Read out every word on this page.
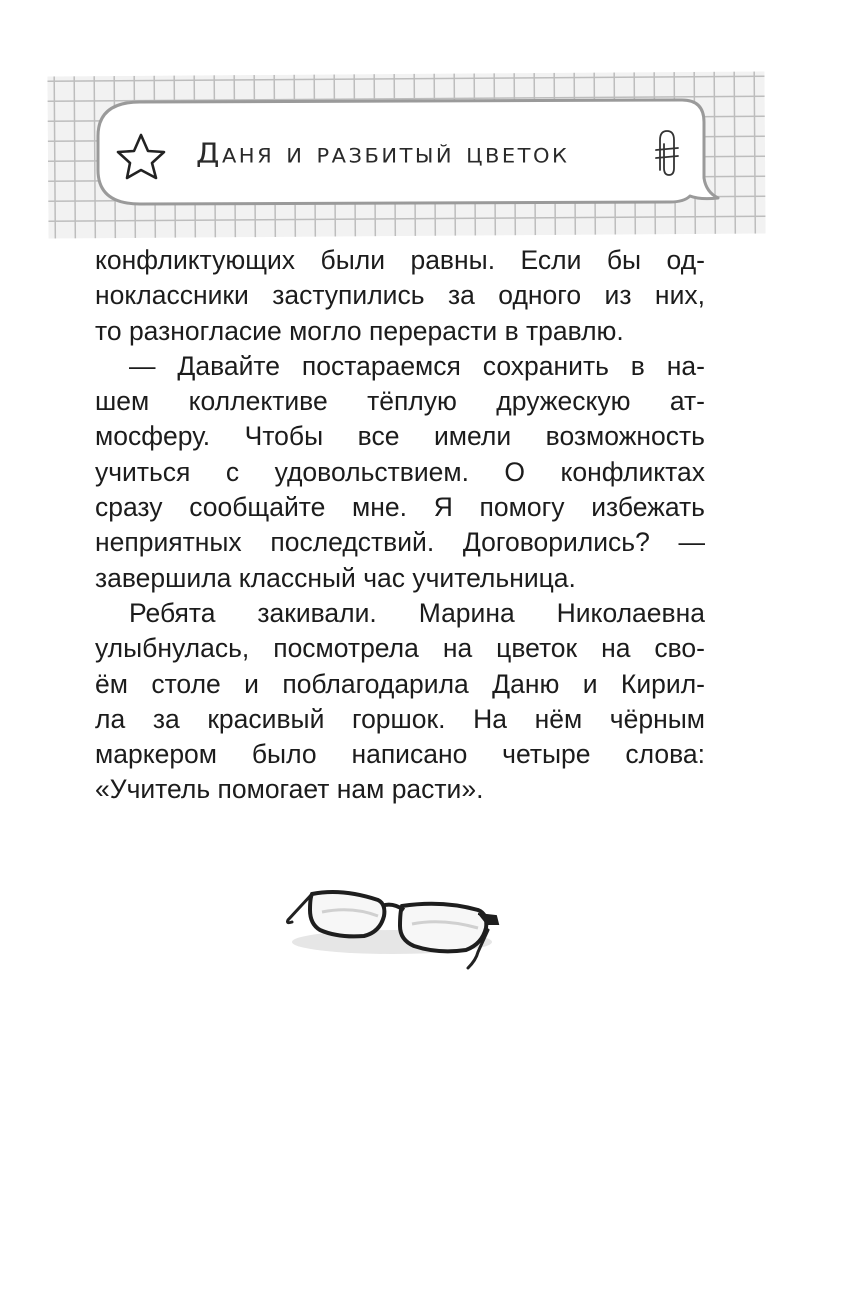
Даня и разбитый цветок

конфликтующих были равны. Если бы од-

ноклассники заступились за одного из них,

то разногласие могло перерасти в травлю.

— Давайте постараемся сохранить в на-

шем коллективе тёплую дружескую ат-

мосферу. Чтобы все имели возможность

учиться с удовольствием. О конфликтах

сразу сообщайте мне. Я помогу избежать

неприятных последствий. Договорились? —

завершила классный час учительница.

Ребята закивали. Марина Николаевна

улыбнулась, посмотрела на цветок на сво-

ём столе и поблагодарила Даню и Кирил-

ла за красивый горшок. На нём чёрным

маркером было написано четыре слова:

«Учитель помогает нам расти».
